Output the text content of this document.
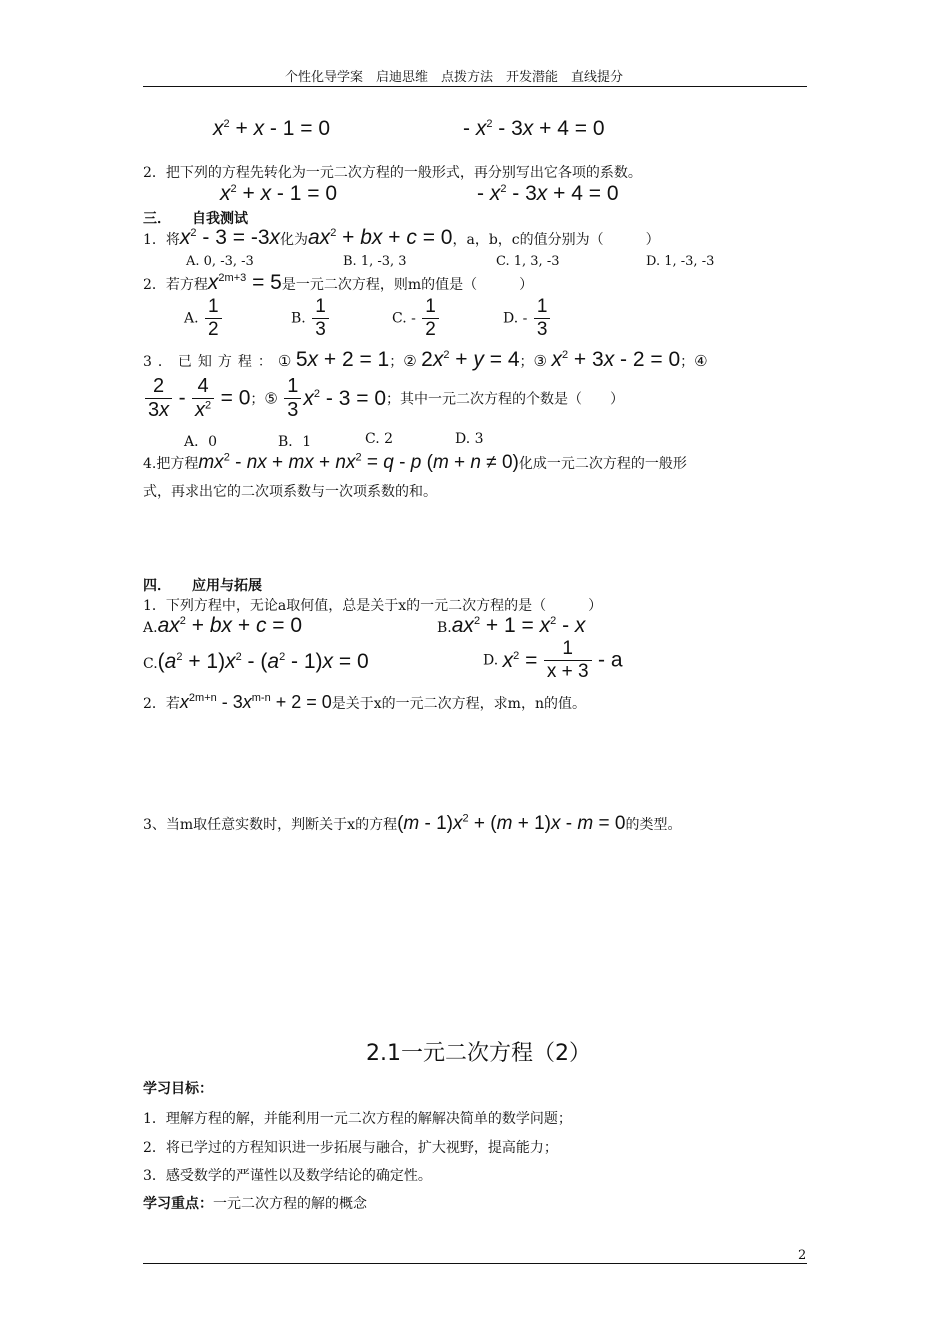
个性化导学案　启迪思维　点拨方法　开发潜能　直线提分
$x^2 + x - 1 = 0$	- $x^2 - 3x + 4 = 0$
2．把下列的方程先转化为一元二次方程的一般形式，再分别写出它各项的系数。
$x^2 + x - 1 = 0$	- $x^2 - 3x + 4 = 0$
三．　　自我测试
1．将$x^2 - 3 = -3x$化为$ax^2$ + bx + c = 0，a，b，c的值分别为（　　　）
A. 0, -3, -3	B. 1, -3, 3	C. 1, 3, -3	D. 1, -3, -3
2．若方程$x^{2m+3} = 5$是一元二次方程，则m的值是（　　　）
A. $\frac{1}{2}$	B. $\frac{1}{3}$	C. - $\frac{1}{2}$	D. - $\frac{1}{3}$
3．已知方程：① 5x + 2 = 1；② $2x^2 + y = 4$；③ $x^2 + 3x - 2 = 0$；④
$\frac{2}{3x} - \frac{4}{x^2} = 0$；⑤ $\frac{1}{3} x^2 - 3 = 0$；其中一元二次方程的个数是（　　）
A．0	B．1	C. 2	D. 3
4.把方程$mx^2$ - nx + mx + $nx^2 = q - p$ (m + n ≠ 0)化成一元二次方程的一般形
式，再求出它的二次项系数与一次项系数的和。
四．　　应用与拓展
1．下列方程中，无论a取何值，总是关于x的一元二次方程的是（　　　）
$A.ax^2$ + bx + c = 0	$B.ax^2 + 1 = x^2 - x$
$C.(a^2 + 1)x^2 - (a^2 - 1)x = 0$	D. $x^2 = \frac{1}{x + 3} - a$
2．若$x^{2m+n} - 3x^{m-n} + 2 = 0$是关于x的一元二次方程，求m，n的值。
3、当m取任意实数时，判断关于x的方程$(m - 1)x^2 + (m + 1)x - m = 0$的类型。
2.1一元二次方程（2）
学习目标：
1．理解方程的解，并能利用一元二次方程的解解决简单的数学问题；
2．将已学过的方程知识进一步拓展与融合，扩大视野，提高能力；
3．感受数学的严谨性以及数学结论的确定性。
学习重点：一元二次方程的解的概念
2
